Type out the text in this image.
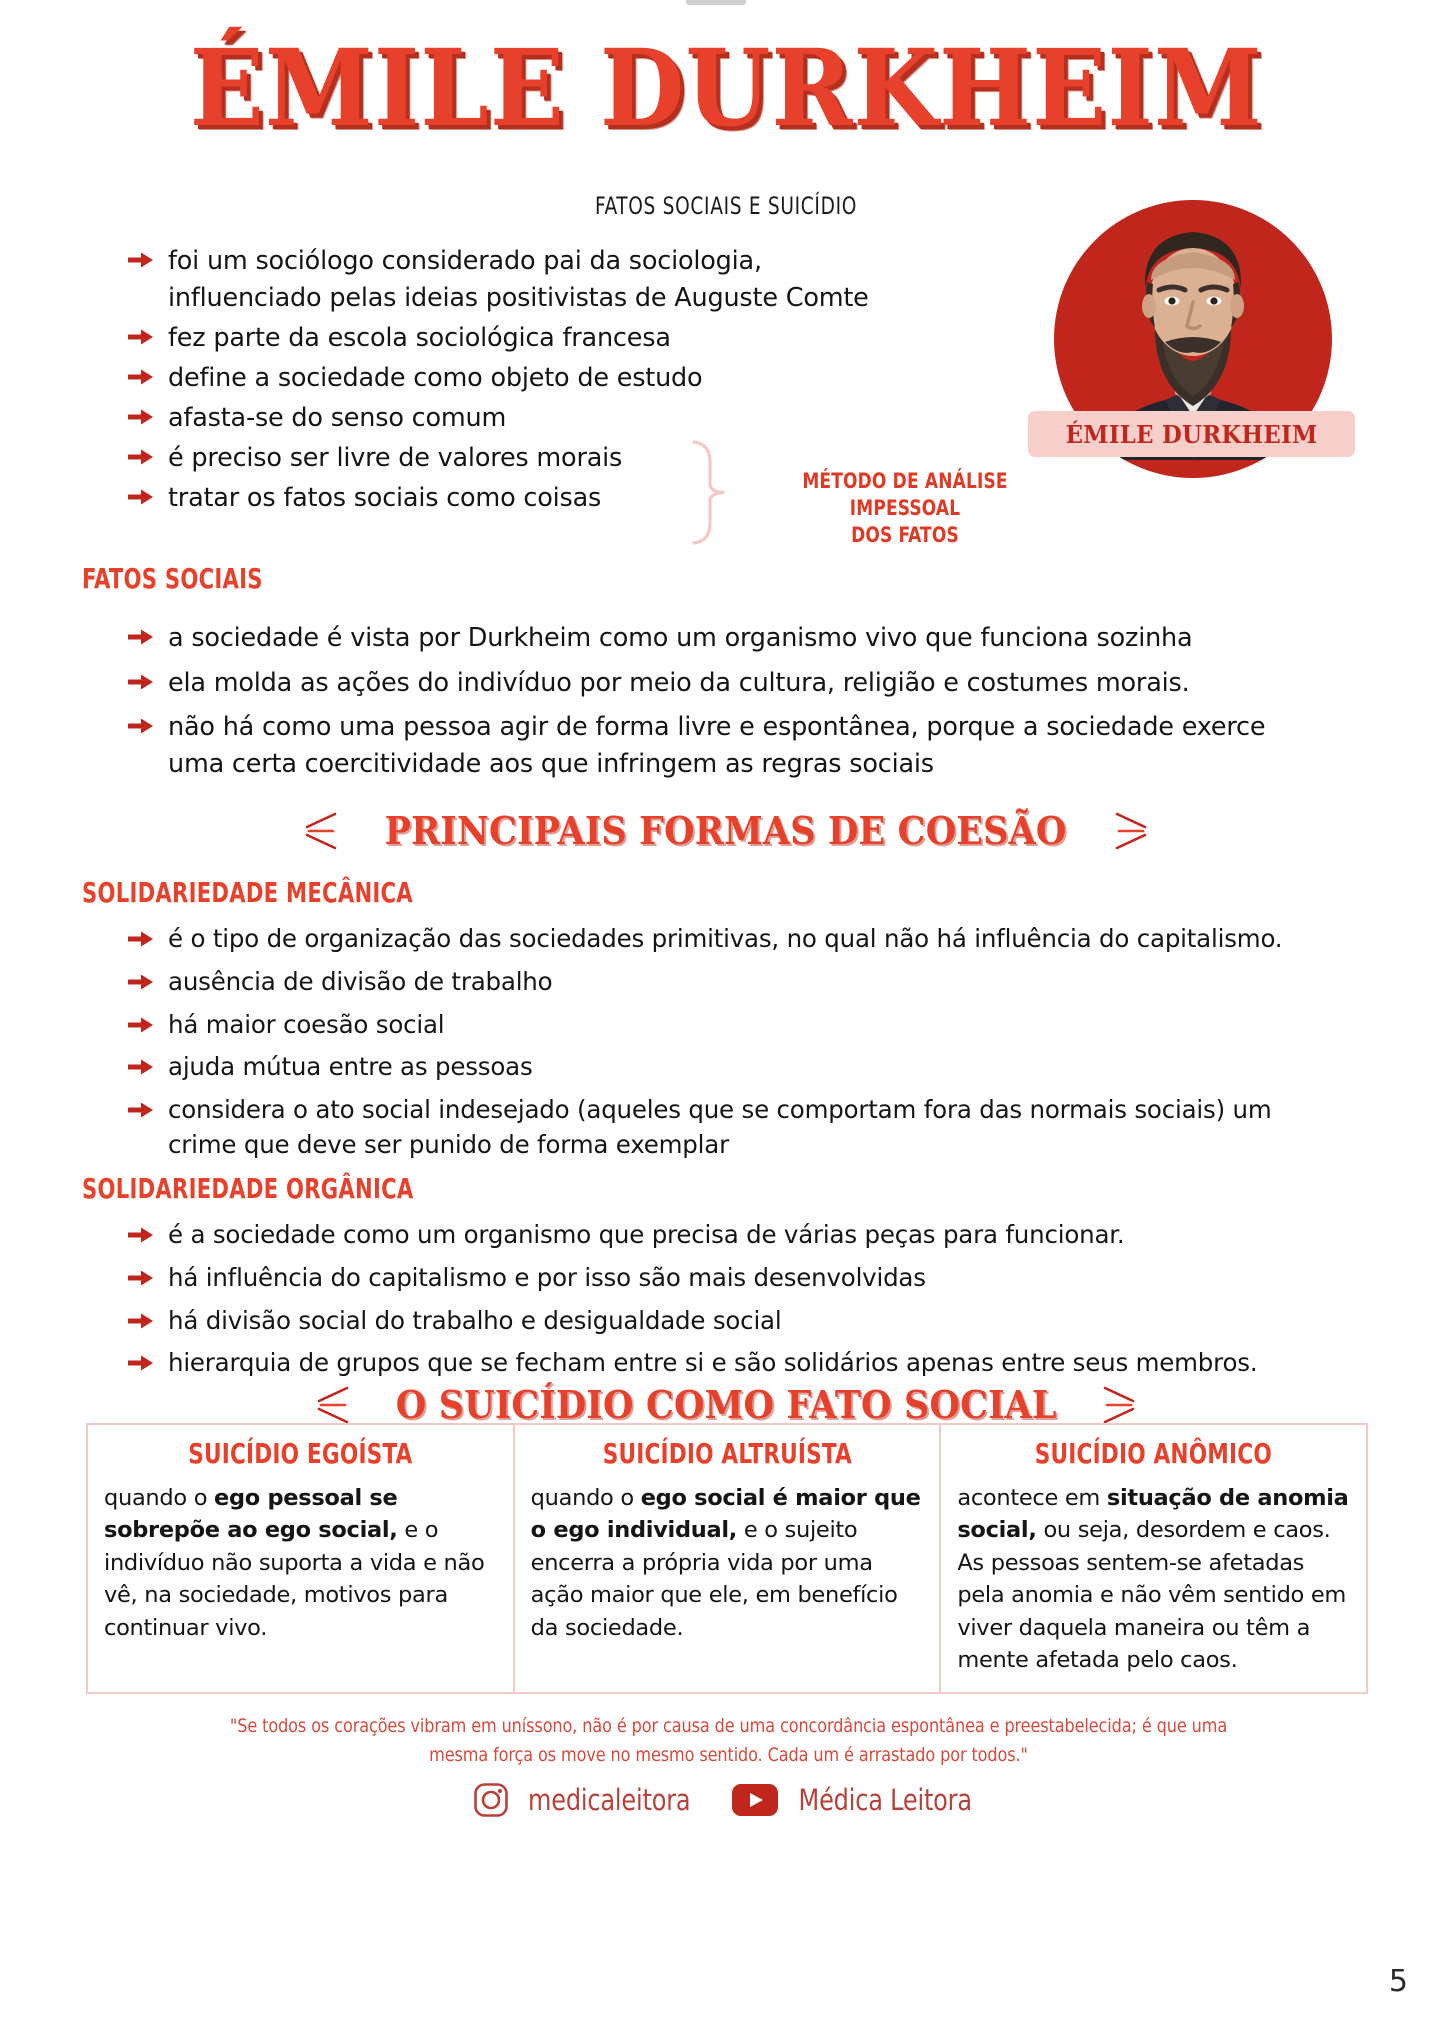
ÉMILE DURKHEIM
FATOS SOCIAIS E SUICÍDIO
ÉMILE DURKHEIM
foi um sociólogo considerado pai da sociologia, influenciado pelas ideias positivistas de Auguste Comte
fez parte da escola sociológica francesa
define a sociedade como objeto de estudo
afasta-se do senso comum
é preciso ser livre de valores morais
tratar os fatos sociais como coisas
MÉTODO DE ANÁLISE IMPESSOAL
DOS FATOS
FATOS SOCIAIS
a sociedade é vista por Durkheim como um organismo vivo que funciona sozinha
ela molda as ações do indivíduo por meio da cultura, religião e costumes morais.
não há como uma pessoa agir de forma livre e espontânea, porque a sociedade exerce uma certa coercitividade aos que infringem as regras sociais
PRINCIPAIS FORMAS DE COESÃO
SOLIDARIEDADE MECÂNICA
é o tipo de organização das sociedades primitivas, no qual não há influência do capitalismo.
ausência de divisão de trabalho
há maior coesão social
ajuda mútua entre as pessoas
considera o ato social indesejado (aqueles que se comportam fora das normais sociais) um crime que deve ser punido de forma exemplar
SOLIDARIEDADE ORGÂNICA
é a sociedade como um organismo que precisa de várias peças para funcionar.
há influência do capitalismo e por isso são mais desenvolvidas
há divisão social do trabalho e desigualdade social
hierarquia de grupos que se fecham entre si e são solidários apenas entre seus membros.
O SUICÍDIO COMO FATO SOCIAL
SUICÍDIO EGOÍSTA
quando o ego pessoal se sobrepõe ao ego social, e o indivíduo não suporta a vida e não vê, na sociedade, motivos para continuar vivo.
SUICÍDIO ALTRUÍSTA
quando o ego social é maior que o ego individual, e o sujeito encerra a própria vida por uma ação maior que ele, em benefício da sociedade.
SUICÍDIO ANÔMICO
acontece em situação de anomia social, ou seja, desordem e caos. As pessoas sentem-se afetadas pela anomia e não vêm sentido em viver daquela maneira ou têm a mente afetada pelo caos.
"Se todos os corações vibram em uníssono, não é por causa de uma concordância espontânea e preestabelecida; é que uma
mesma força os move no mesmo sentido. Cada um é arrastado por todos."
medicaleitora	Médica Leitora
5
